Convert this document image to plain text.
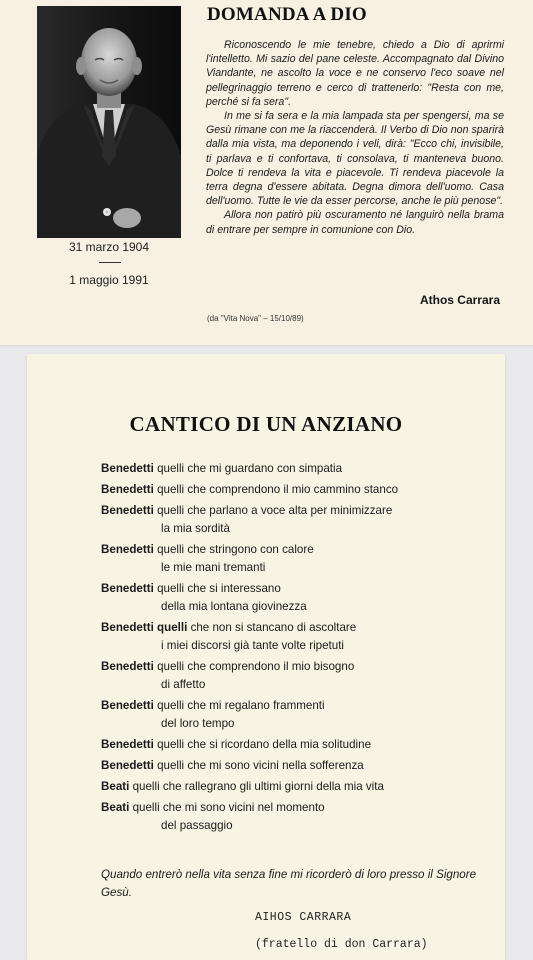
31 marzo 1904
1 maggio 1991
DOMANDA A DIO

Riconoscendo le mie tenebre, chiedo a Dio di aprirmi l'intelletto. Mi sazio del pane celeste. Accompagnato dal Divino Viandante, ne ascolto la voce e ne conservo l'eco soave nel pellegrinaggio terreno e cerco di trattenerlo: "Resta con me, perché si fa sera".

In me si fa sera e la mia lampada sta per spengersi, ma se Gesù rimane con me la riaccenderà. Il Verbo di Dio non sparirà dalla mia vista, ma deponendo i veli, dirà: "Ecco chi, invisibile, ti parlava e ti confortava, ti consolava, ti manteneva buono. Dolce ti rendeva la vita e piacevole. Ti rendeva piacevole la terra degna d'essere abitata. Degna dimora dell'uomo. Casa dell'uomo. Tutte le vie da esser percorse, anche le più penose".

Allora non patirò più oscuramento né languirò nella brama di entrare per sempre in comunione con Dio.

Athos Carrara
(da "Vita Nova" – 15/10/89)
CANTICO DI UN ANZIANO
Benedetti quelli che mi guardano con simpatia
Benedetti quelli che comprendono il mio cammino stanco
Benedetti quelli che parlano a voce alta per minimizzare
la mia sordità
Benedetti quelli che stringono con calore
le mie mani tremanti
Benedetti quelli che si interessano
della mia lontana giovinezza
Benedetti quelli che non si stancano di ascoltare
i miei discorsi già tante volte ripetuti
Benedetti quelli che comprendono il mio bisogno
di affetto
Benedetti quelli che mi regalano frammenti
del loro tempo
Benedetti quelli che si ricordano della mia solitudine
Benedetti quelli che mi sono vicini nella sofferenza
Beati quelli che rallegrano gli ultimi giorni della mia vita
Beati quelli che mi sono vicini nel momento
del passaggio
Quando entrerò nella vita senza fine mi ricorderò di loro presso il Signore Gesù.
AIHOS CARRARA
(fratello di don Carrara)
